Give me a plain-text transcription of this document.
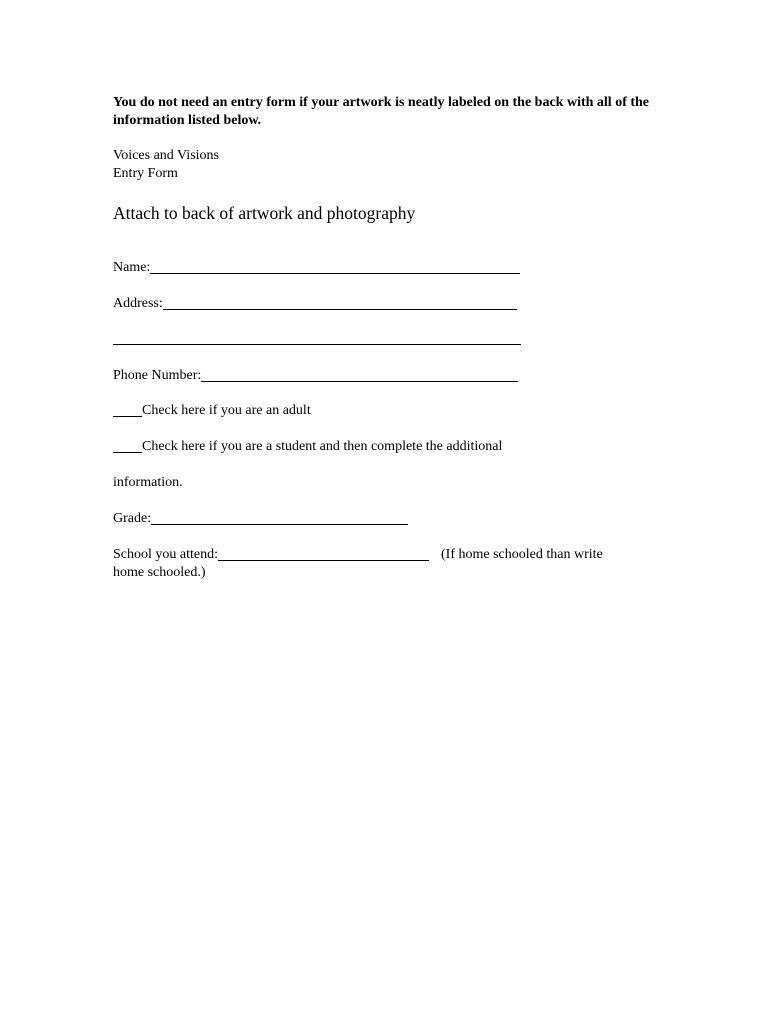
You do not need an entry form if your artwork is neatly labeled on the back with all of the information listed below.
Voices and Visions
Entry Form
Attach to back of artwork and photography
Name:
Address:
Phone Number:
Check here if you are an adult
Check here if you are a student and then complete the additional
information.
Grade:
School you attend:	(If home schooled than write
home schooled.)
